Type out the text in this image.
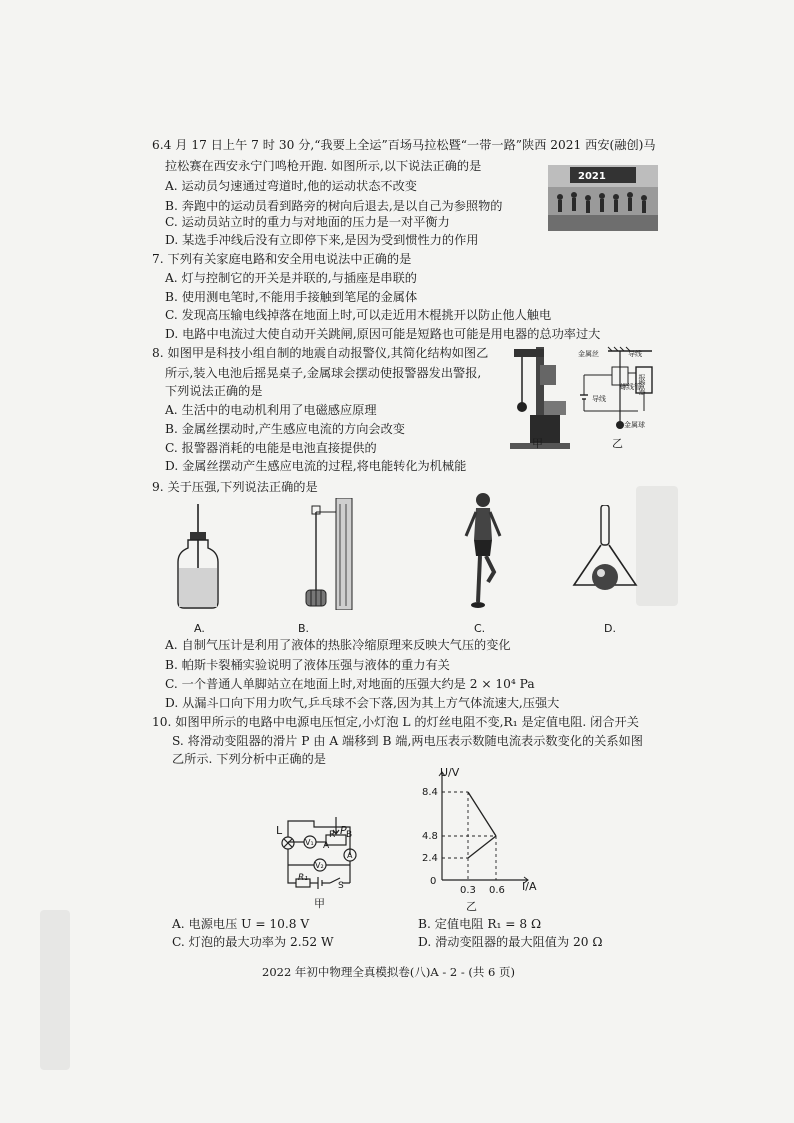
6.4 月 17 日上午 7 时 30 分,“我要上全运”百场马拉松暨“一带一路”陕西 2021 西安(融创)马
拉松赛在西安永宁门鸣枪开跑. 如图所示,以下说法正确的是
A. 运动员匀速通过弯道时,他的运动状态不改变
B. 奔跑中的运动员看到路旁的树向后退去,是以自己为参照物的
C. 运动员站立时的重力与对地面的压力是一对平衡力
D. 某选手冲线后没有立即停下来,是因为受到惯性力的作用
2021
7. 下列有关家庭电路和安全用电说法中正确的是
A. 灯与控制它的开关是并联的,与插座是串联的
B. 使用测电笔时,不能用手接触到笔尾的金属体
C. 发现高压输电线掉落在地面上时,可以走近用木棍挑开以防止他人触电
D. 电路中电流过大使自动开关跳闸,原因可能是短路也可能是用电器的总功率过大
8. 如图甲是科技小组自制的地震自动报警仪,其简化结构如图乙
所示,装入电池后摇晃桌子,金属球会摆动使报警器发出警报,
下列说法正确的是
A. 生活中的电动机利用了电磁感应原理
B. 金属丝摆动时,产生感应电流的方向会改变
C. 报警器消耗的电能是电池直接提供的
D. 金属丝摆动产生感应电流的过程,将电能转化为机械能
甲
金属丝	导线
导线
报警器
螺线管
金属球
乙
9. 关于压强,下列说法正确的是
A.	B.	C.	D.
A. 自制气压计是利用了液体的热胀冷缩原理来反映大气压的变化
B. 帕斯卡裂桶实验说明了液体压强与液体的重力有关
C. 一个普通人单脚站立在地面上时,对地面的压强大约是 2 × 10⁴ Pa
D. 从漏斗口向下用力吹气,乒乓球不会下落,因为其上方气体流速大,压强大
10. 如图甲所示的电路中电源电压恒定,小灯泡 L 的灯丝电阻不变,R₁ 是定值电阻. 闭合开关
S. 将滑动变阻器的滑片 P 由 A 端移到 B 端,两电压表示数随电流表示数变化的关系如图
乙所示. 下列分析中正确的是
L	P
A
R' B
V₁
V₂
A
R₁
S
甲
U/V
I/A
0
8.4
4.8
2.4
0.3 0.6
乙
A. 电源电压 U = 10.8 V	B. 定值电阻 R₁ = 8 Ω
C. 灯泡的最大功率为 2.52 W	D. 滑动变阻器的最大阻值为 20 Ω
2022 年初中物理全真模拟卷(八)A - 2 - (共 6 页)
